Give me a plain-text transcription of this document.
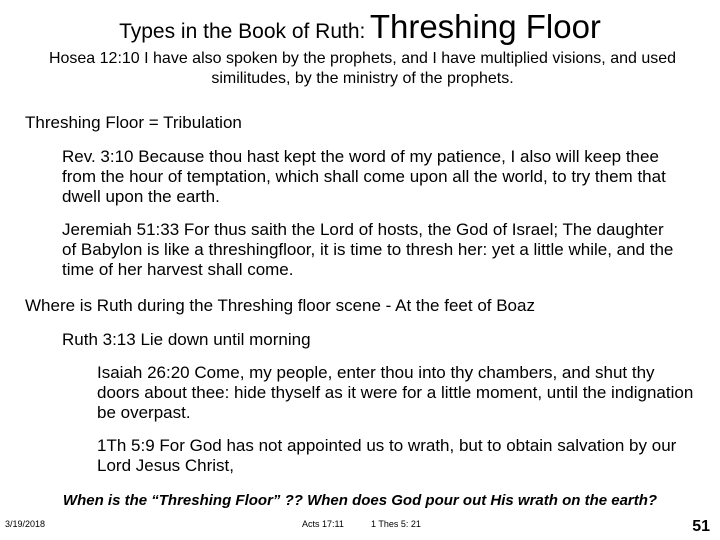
Types in the Book of Ruth: Threshing Floor

Hosea 12:10 I have also spoken by the prophets, and I have multiplied visions, and used similitudes, by the ministry of the prophets.

Threshing Floor = Tribulation

Rev. 3:10 Because thou hast kept the word of my patience, I also will keep thee from the hour of temptation, which shall come upon all the world, to try them that dwell upon the earth.

Jeremiah 51:33 For thus saith the Lord of hosts, the God of Israel; The daughter of Babylon is like a threshingfloor, it is time to thresh her: yet a little while, and the time of her harvest shall come.

Where is Ruth during the Threshing floor scene - At the feet of Boaz

Ruth 3:13 Lie down until morning

Isaiah 26:20 Come, my people, enter thou into thy chambers, and shut thy doors about thee: hide thyself as it were for a little moment, until the indignation be overpast.

1Th 5:9 For God has not appointed us to wrath, but to obtain salvation by our Lord Jesus Christ,

When is the “Threshing Floor” ?? When does God pour out His wrath on the earth?
3/19/2018	Acts 17:11	1 Thes 5: 21	51
